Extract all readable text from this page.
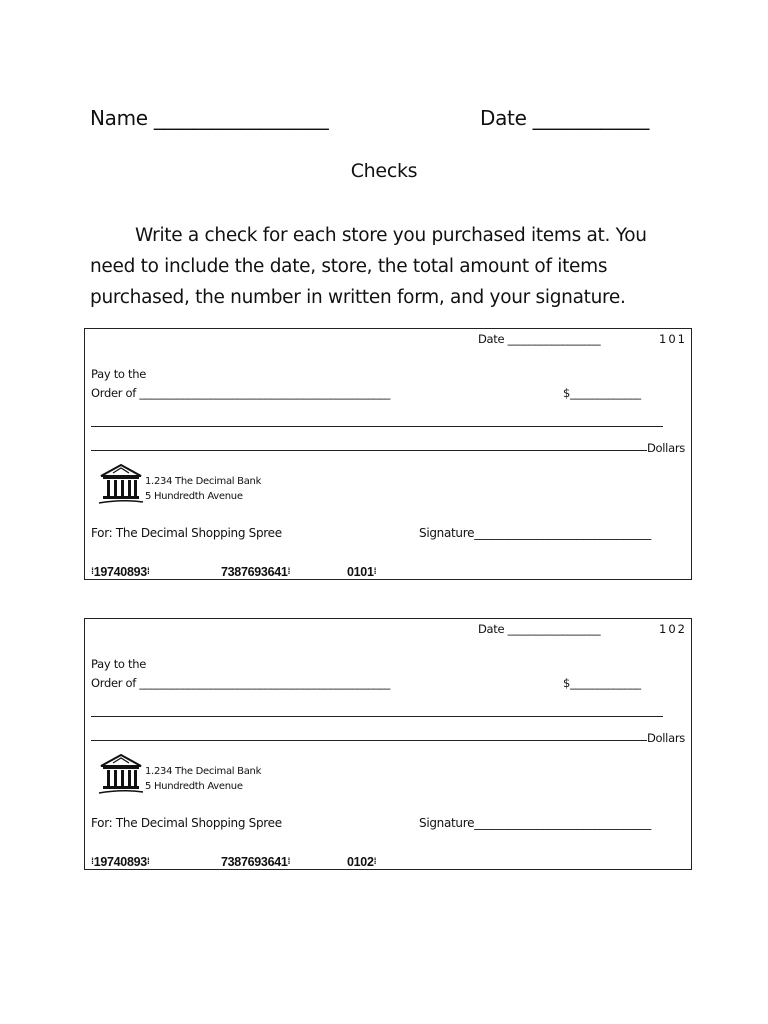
Name __________________	Date ____________
Checks
Write a check for each store you purchased items at. You need to include the date, store, the total amount of items purchased, the number in written form, and your signature.
Date _________________	101
Pay to the
Order of ______________________________________________	$_____________
Dollars
1.234 The Decimal Bank
5 Hundredth Avenue
For: The Decimal Shopping Spree	Signature_______________________________
⁞19740893⁞	7387693641⁞	0101⁞
Date _________________	102
Pay to the
Order of ______________________________________________	$_____________
Dollars
1.234 The Decimal Bank
5 Hundredth Avenue
For: The Decimal Shopping Spree	Signature_______________________________
⁞19740893⁞	7387693641⁞	0102⁞
